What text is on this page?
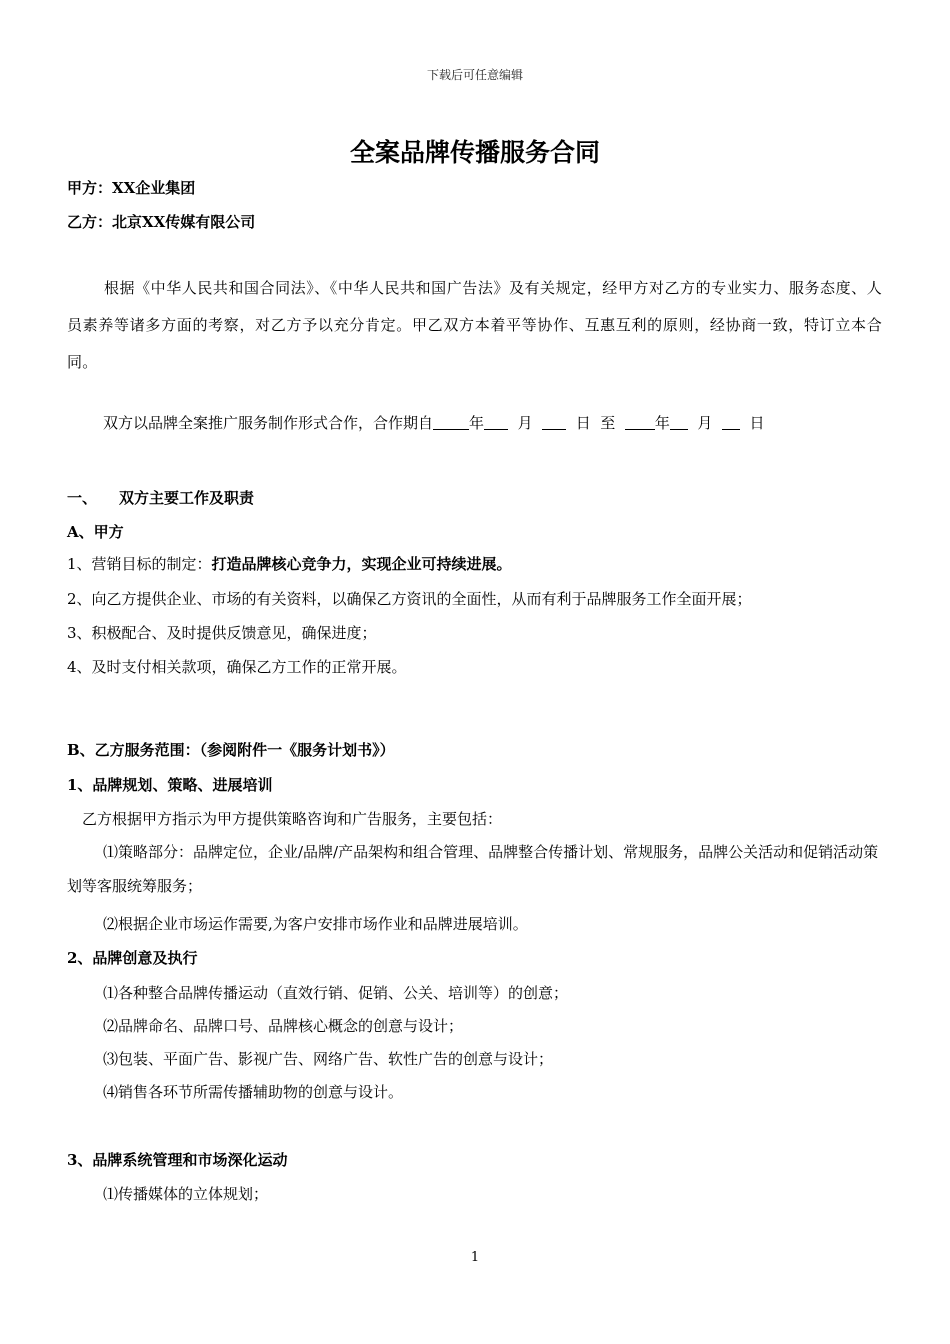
下载后可任意编辑
全案品牌传播服务合同
甲方：XX企业集团
乙方：北京XX传媒有限公司
根据《中华人民共和国合同法》、《中华人民共和国广告法》及有关规定，经甲方对乙方的专业实力、服务态度、人员素养等诸多方面的考察，对乙方予以充分肯定。甲乙双方本着平等协作、互惠互利的原则，经协商一致，特订立本合同。
双方以品牌全案推广服务制作形式合作，合作期自 年 月	日 至	年 月 日
一、 双方主要工作及职责
A、甲方
1、营销目标的制定：打造品牌核心竞争力，实现企业可持续进展。
2、向乙方提供企业、市场的有关资料，以确保乙方资讯的全面性，从而有利于品牌服务工作全面开展；
3、积极配合、及时提供反馈意见，确保进度；
4、及时支付相关款项，确保乙方工作的正常开展。
B、乙方服务范围：（参阅附件一《服务计划书》）
1、品牌规划、策略、进展培训
乙方根据甲方指示为甲方提供策略咨询和广告服务，主要包括：
⑴策略部分：品牌定位，企业/品牌/产品架构和组合管理、品牌整合传播计划、常规服务，品牌公关活动和促销活动策划等客服统筹服务；
⑵根据企业市场运作需要,为客户安排市场作业和品牌进展培训。
2、品牌创意及执行
⑴各种整合品牌传播运动（直效行销、促销、公关、培训等）的创意；
⑵品牌命名、品牌口号、品牌核心概念的创意与设计；
⑶包装、平面广告、影视广告、网络广告、软性广告的创意与设计；
⑷销售各环节所需传播辅助物的创意与设计。
3、品牌系统管理和市场深化运动
⑴传播媒体的立体规划；
1
